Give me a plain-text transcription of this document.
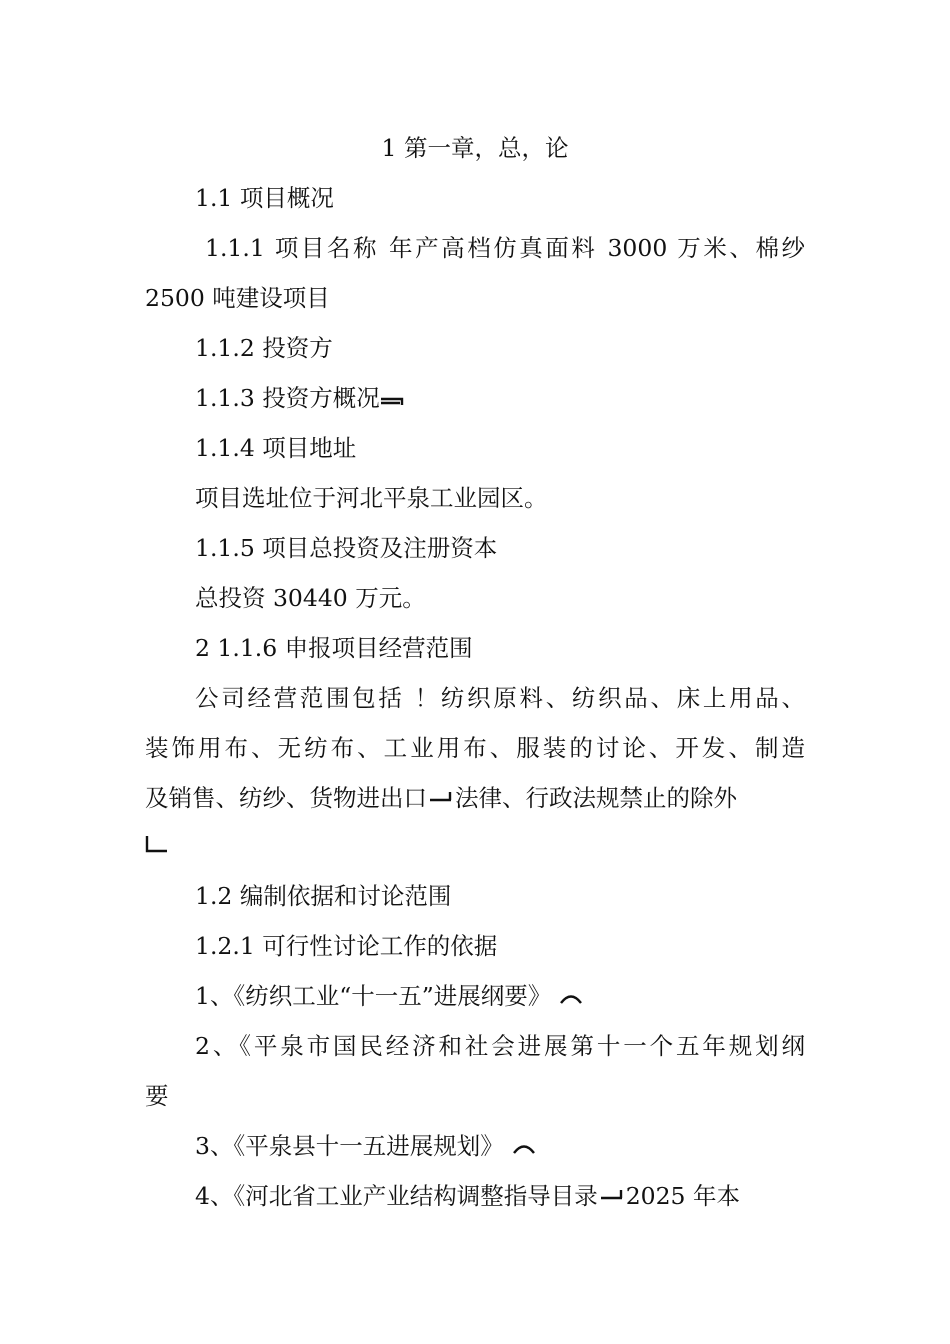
1 第一章，总，论
1.1 项目概况
1.1.1 项目名称 年产高档仿真面料 3000 万米、棉纱
2500 吨建设项目
1.1.2 投资方
1.1.3 投资方概况
1.1.4 项目地址
项目选址位于河北平泉工业园区。
1.1.5 项目总投资及注册资本
总投资 30440 万元。
2 1.1.6 申报项目经营范围
公司经营范围包括 ！纺织原料、纺织品、床上用品、
装饰用布、无纺布、工业用布、服装的讨论、开发、制造
及销售、纺纱、货物进出口 法律、行政法规禁止的除外
1.2 编制依据和讨论范围
1.2.1 可行性讨论工作的依据
1、《纺织工业“十一五”进展纲要》
2、《平泉市国民经济和社会进展第十一个五年规划纲
要
3、《平泉县十一五进展规划》
4、《河北省工业产业结构调整指导目录 2025 年本
